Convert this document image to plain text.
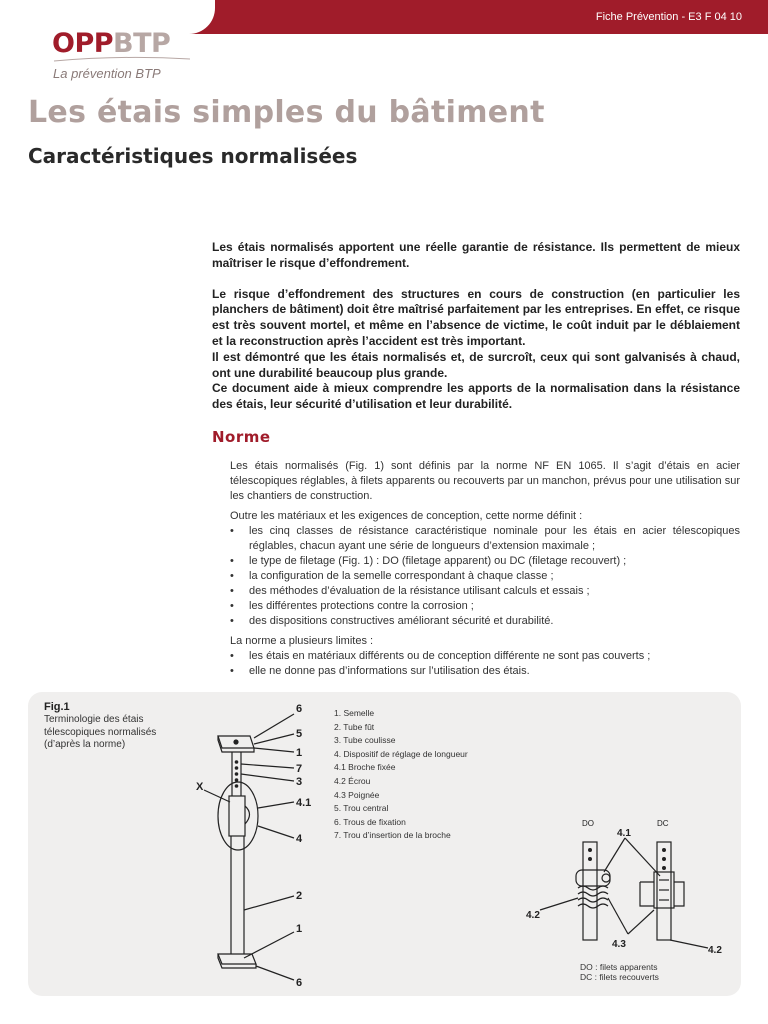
Fiche Prévention - E3 F 04 10
OPPBTP
La prévention BTP
Les étais simples du bâtiment
Caractéristiques normalisées

Les étais normalisés apportent une réelle garantie de résistance. Ils permettent de mieux maîtriser le risque d’effondrement.

Le risque d’effondrement des structures en cours de construction (en particulier les planchers de bâtiment) doit être maîtrisé parfaitement par les entreprises. En effet, ce risque est très souvent mortel, et même en l’absence de victime, le coût induit par le déblaiement et la reconstruction après l’accident est très important.

Il est démontré que les étais normalisés et, de surcroît, ceux qui sont galvanisés à chaud, ont une durabilité beaucoup plus grande.

Ce document aide à mieux comprendre les apports de la normalisation dans la résistance des étais, leur sécurité d’utilisation et leur durabilité.

Norme

Les étais normalisés (Fig. 1) sont définis par la norme NF EN 1065. Il s’agit d’étais en acier télescopiques réglables, à filets apparents ou recouverts par un manchon, prévus pour une utilisation sur les chantiers de construction.

Outre les matériaux et les exigences de conception, cette norme définit :

• les cinq classes de résistance caractéristique nominale pour les étais en acier télescopiques réglables, chacun ayant une série de longueurs d’extension maximale ;
• le type de filetage (Fig. 1) : DO (filetage apparent) ou DC (filetage recouvert) ;
• la configuration de la semelle correspondant à chaque classe ;
• des méthodes d’évaluation de la résistance utilisant calculs et essais ;
• les différentes protections contre la corrosion ;
• des dispositions constructives améliorant sécurité et durabilité.

La norme a plusieurs limites :

• les étais en matériaux différents ou de conception différente ne sont pas couverts ;
• elle ne donne pas d’informations sur l’utilisation des étais.
Fig.1
Terminologie des étais télescopiques normalisés (d’après la norme)
1. Semelle
2. Tube fût
3. Tube coulisse
4. Dispositif de réglage de longueur
4.1 Broche fixée
4.2 Écrou
4.3 Poignée
5. Trou central
6. Trous de fixation
7. Trou d’insertion de la broche
6
5
1
7
3
X
4.1
4
2
1
6
DO	DC
4.1
4.2
4.3
4.2
DO : filets apparents
DC : filets recouverts
